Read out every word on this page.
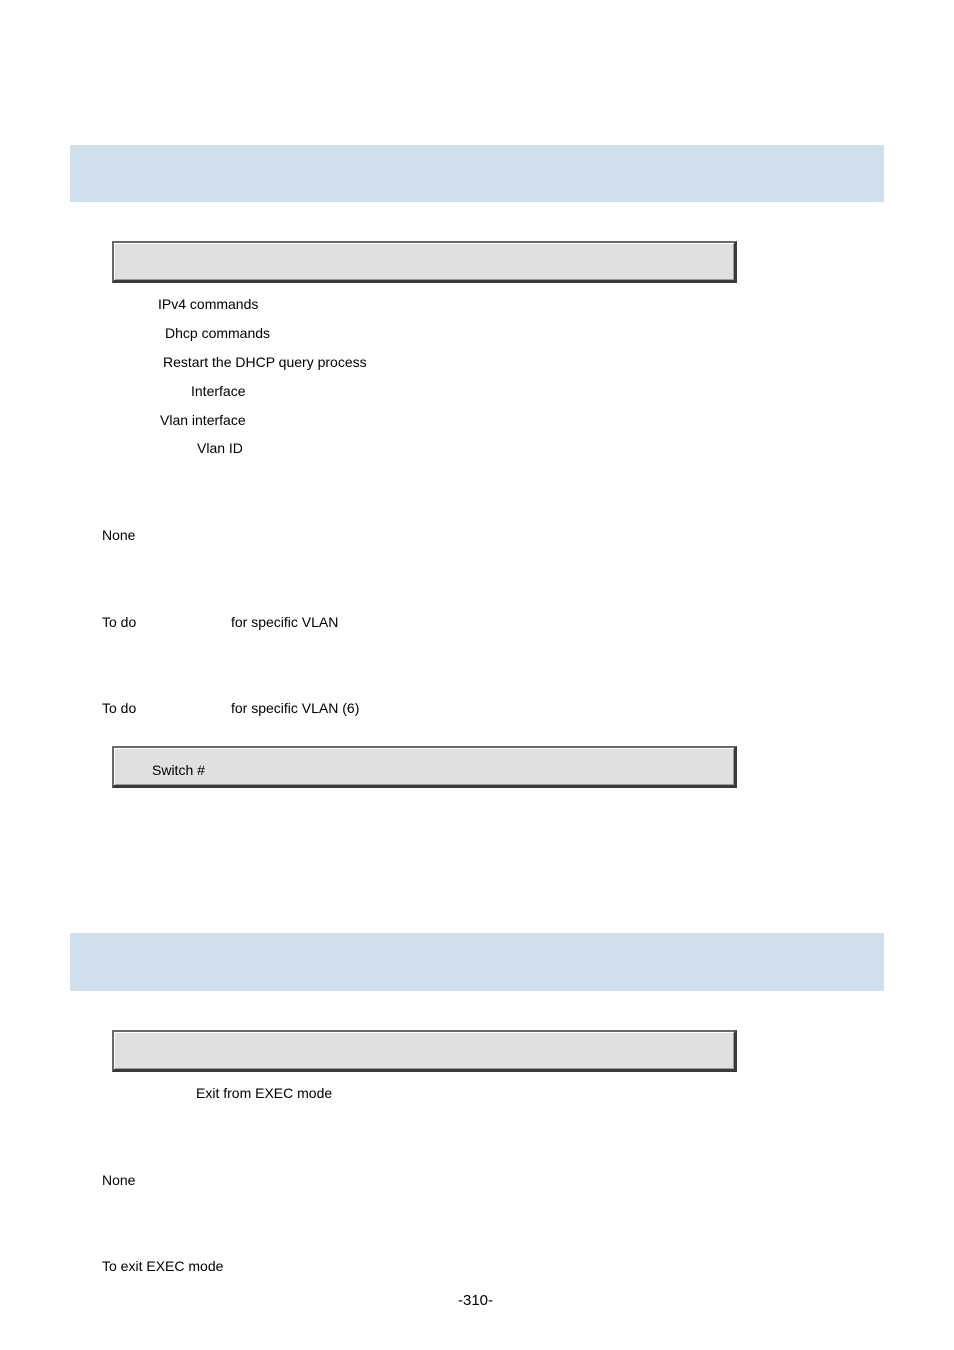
IPv4 commands
Dhcp commands
Restart the DHCP query process
Interface
Vlan interface
Vlan ID
None
To do	for specific VLAN
To do	for specific VLAN (6)
Switch #
Exit from EXEC mode
None
To exit EXEC mode
-310-
